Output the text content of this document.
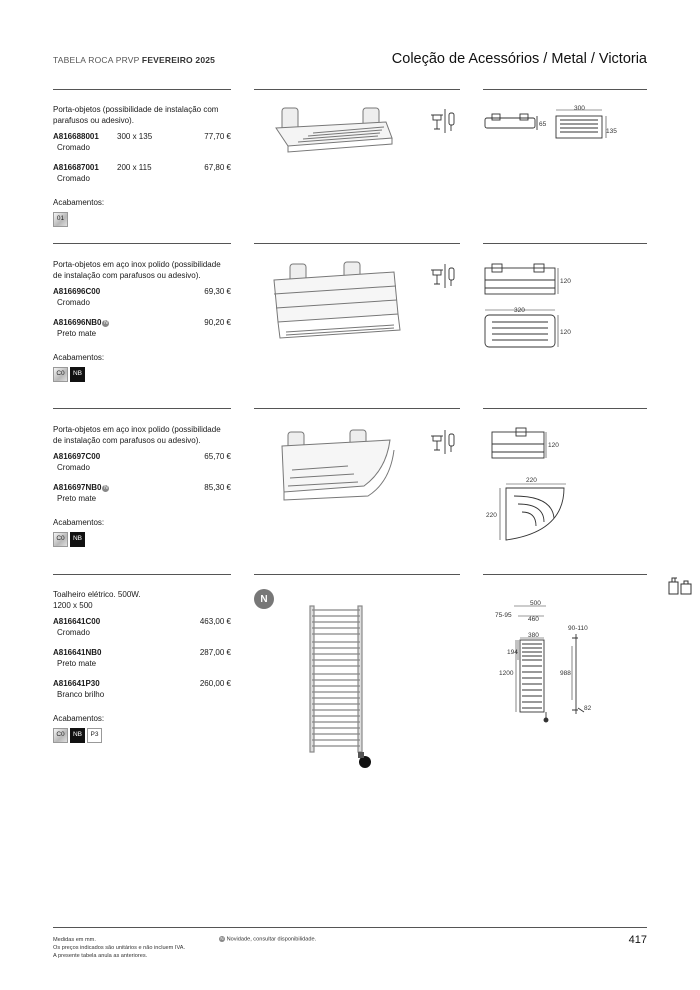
TABELA ROCA PRVP FEVEREIRO 2025	Coleção de Acessórios / Metal / Victoria
Porta-objetos (possibilidade de instalação com parafusos ou adesivo).
A816688001	300 x 135	77,70 €
Cromado
A816687001	200 x 115	67,80 €
Cromado
Acabamentos:
01
Porta-objetos em aço inox polido (possibilidade de instalação com parafusos ou adesivo).
A816696C00	69,30 €
Cromado
A816696NB0 N	90,20 €
Preto mate
Acabamentos:
C0	NB
Porta-objetos em aço inox polido (possibilidade de instalação com parafusos ou adesivo).
A816697C00	65,70 €
Cromado
A816697NB0 N	85,30 €
Preto mate
Acabamentos:
C0	NB
Toalheiro elétrico. 500W.
1200 x 500
A816641C00	463,00 €
Cromado
A816641NB0	287,00 €
Preto mate
A816641P30	260,00 €
Branco brilho
Acabamentos:
C0	NB	P3
300
65
135
120
320
120
120
220
220
N	500
75-95
460
380
90-110
194
1200	988
82
Medidas em mm.
Os preços indicados são unitários e não incluem IVA.
A presente tabela anula as anteriores.
N Novidade, consultar disponibilidade.	417
